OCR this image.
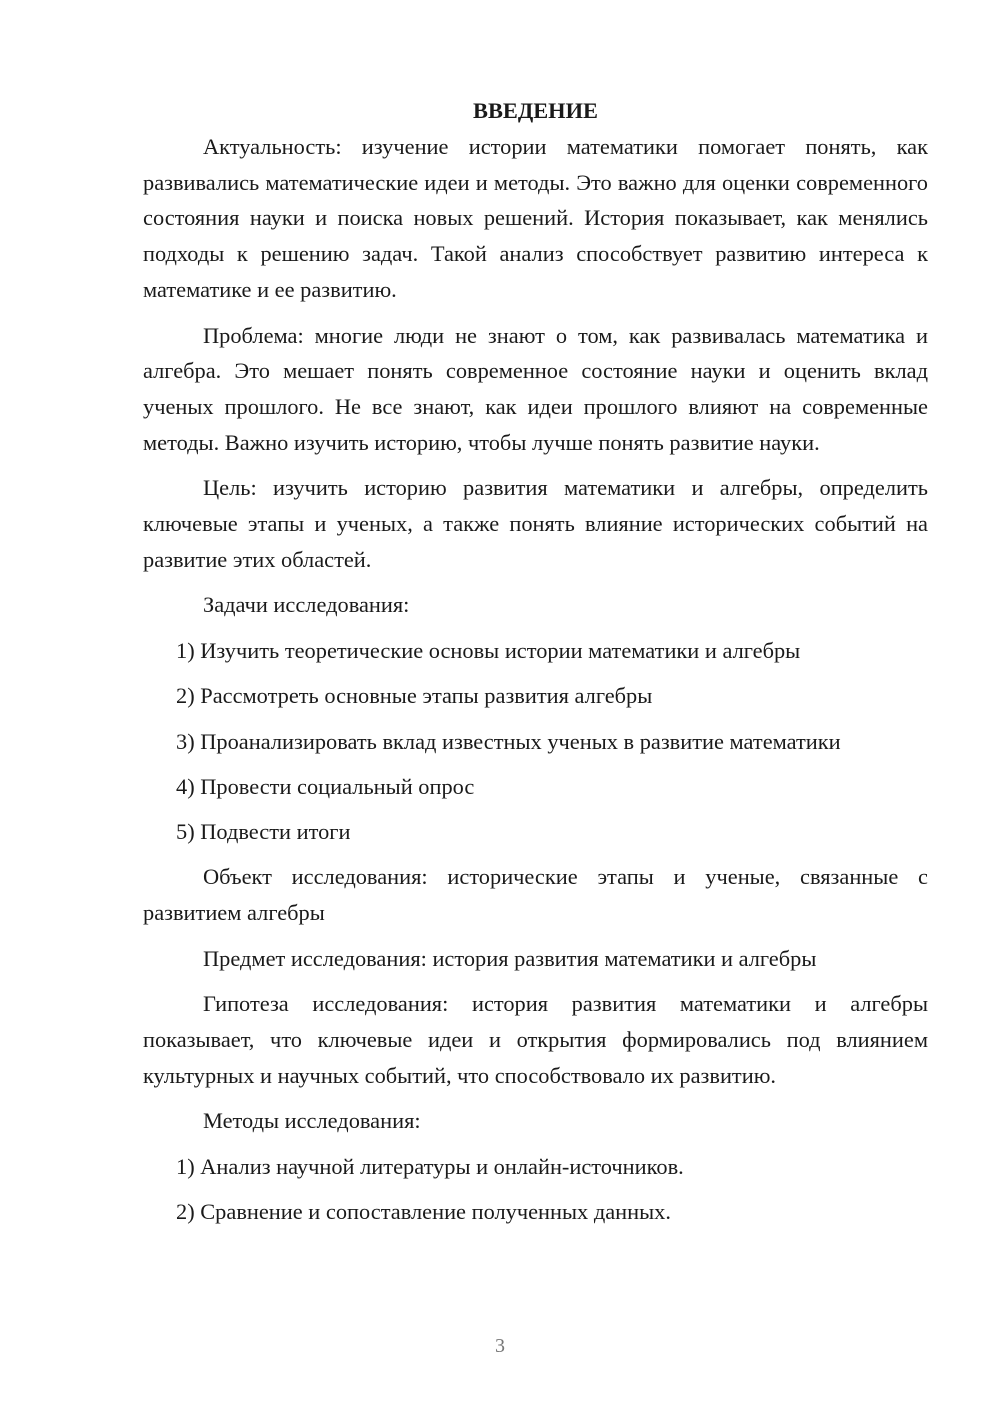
ВВЕДЕНИЕ

Актуальность: изучение истории математики помогает понять, как развивались математические идеи и методы. Это важно для оценки современного состояния науки и поиска новых решений. История показывает, как менялись подходы к решению задач. Такой анализ способствует развитию интереса к математике и ее развитию.

Проблема: многие люди не знают о том, как развивалась математика и алгебра. Это мешает понять современное состояние науки и оценить вклад ученых прошлого. Не все знают, как идеи прошлого влияют на современные методы. Важно изучить историю, чтобы лучше понять развитие науки.

Цель: изучить историю развития математики и алгебры, определить ключевые этапы и ученых, а также понять влияние исторических событий на развитие этих областей.

Задачи исследования:

1) Изучить теоретические основы истории математики и алгебры
2) Рассмотреть основные этапы развития алгебры
3) Проанализировать вклад известных ученых в развитие математики
4) Провести социальный опрос
5) Подвести итоги

Объект исследования: исторические этапы и ученые, связанные с развитием алгебры

Предмет исследования: история развития математики и алгебры

Гипотеза исследования: история развития математики и алгебры показывает, что ключевые идеи и открытия формировались под влиянием культурных и научных событий, что способствовало их развитию.

Методы исследования:

1) Анализ научной литературы и онлайн-источников.
2) Сравнение и сопоставление полученных данных.
3
